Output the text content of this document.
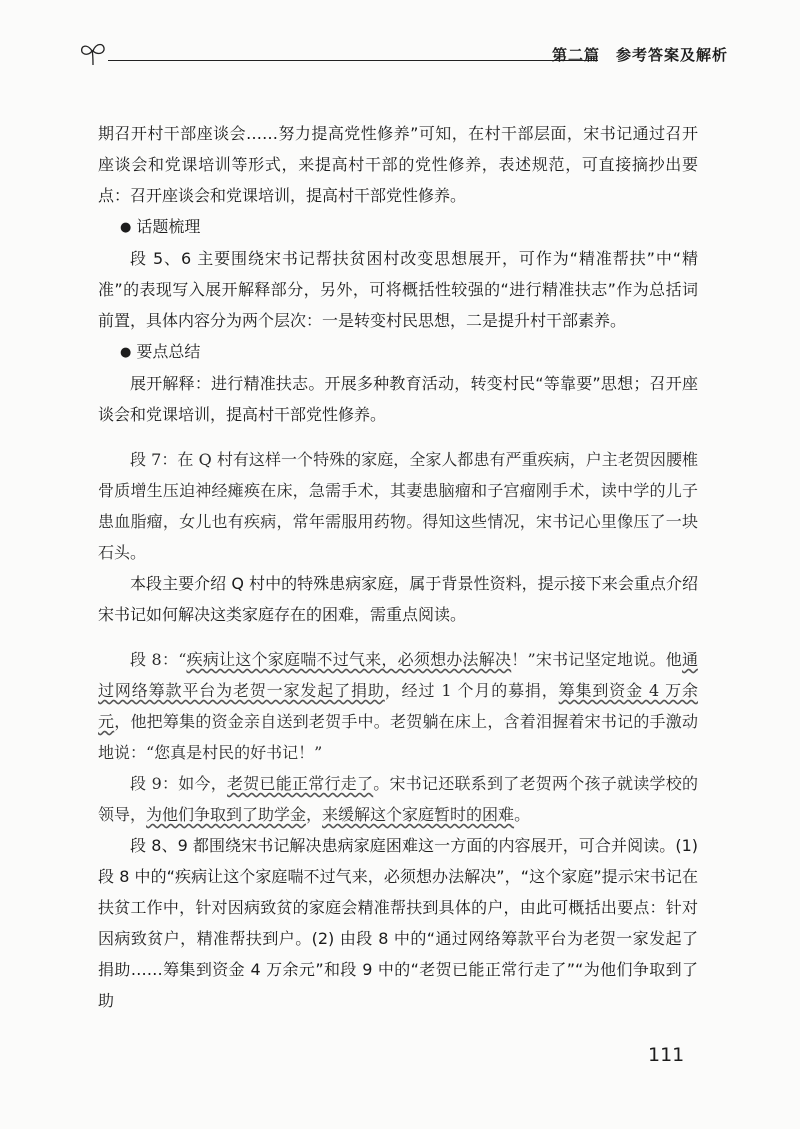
第二篇　参考答案及解析

期召开村干部座谈会……努力提高党性修养”可知，在村干部层面，宋书记通过召开座谈会和党课培训等形式，来提高村干部的党性修养，表述规范，可直接摘抄出要点：召开座谈会和党课培训，提高村干部党性修养。

● 话题梳理

段 5、6 主要围绕宋书记帮扶贫困村改变思想展开，可作为“精准帮扶”中“精准”的表现写入展开解释部分，另外，可将概括性较强的“进行精准扶志”作为总括词前置，具体内容分为两个层次：一是转变村民思想，二是提升村干部素养。

● 要点总结

展开解释：进行精准扶志。开展多种教育活动，转变村民“等靠要”思想；召开座谈会和党课培训，提高村干部党性修养。

段 7：在 Q 村有这样一个特殊的家庭，全家人都患有严重疾病，户主老贺因腰椎骨质增生压迫神经瘫痪在床，急需手术，其妻患脑瘤和子宫瘤刚手术，读中学的儿子患血脂瘤，女儿也有疾病，常年需服用药物。得知这些情况，宋书记心里像压了一块石头。

本段主要介绍 Q 村中的特殊患病家庭，属于背景性资料，提示接下来会重点介绍宋书记如何解决这类家庭存在的困难，需重点阅读。

段 8：“疾病让这个家庭喘不过气来，必须想办法解决！”宋书记坚定地说。他通过网络筹款平台为老贺一家发起了捐助，经过 1 个月的募捐，筹集到资金 4 万余元，他把筹集的资金亲自送到老贺手中。老贺躺在床上，含着泪握着宋书记的手激动地说：“您真是村民的好书记！”

段 9：如今，老贺已能正常行走了。宋书记还联系到了老贺两个孩子就读学校的领导，为他们争取到了助学金，来缓解这个家庭暂时的困难。

段 8、9 都围绕宋书记解决患病家庭困难这一方面的内容展开，可合并阅读。(1) 段 8 中的“疾病让这个家庭喘不过气来，必须想办法解决”，“这个家庭”提示宋书记在扶贫工作中，针对因病致贫的家庭会精准帮扶到具体的户，由此可概括出要点：针对因病致贫户，精准帮扶到户。(2) 由段 8 中的“通过网络筹款平台为老贺一家发起了捐助……筹集到资金 4 万余元”和段 9 中的“老贺已能正常行走了”“为他们争取到了助

111
